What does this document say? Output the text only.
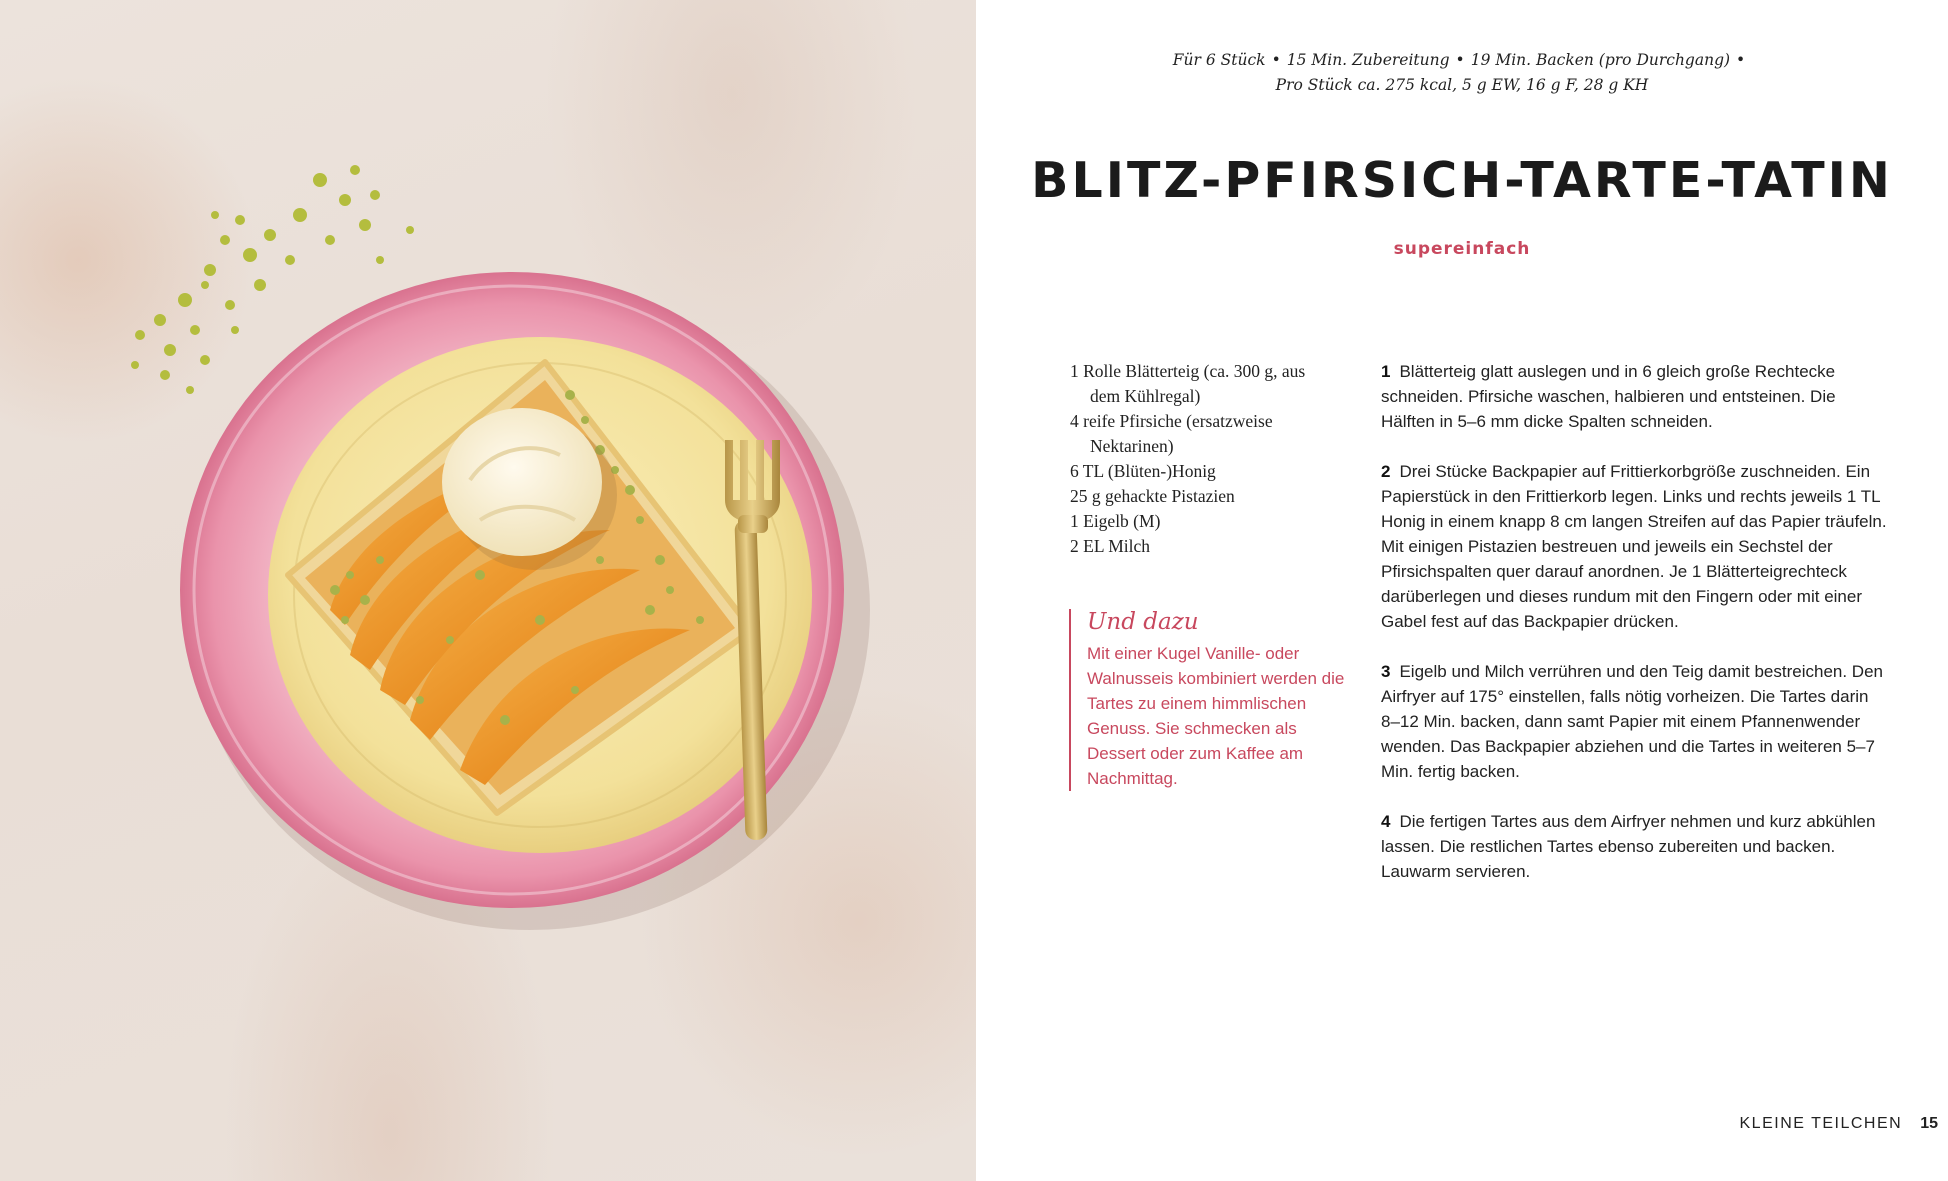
Für 6 Stück • 15 Min. Zubereitung • 19 Min. Backen (pro Durchgang) •
Pro Stück ca. 275 kcal, 5 g EW, 16 g F, 28 g KH
BLITZ-PFIRSICH-TARTE-TATIN
supereinfach
1 Rolle Blätterteig (ca. 300 g, aus dem Kühlregal)
4 reife Pfirsiche (ersatzweise Nektarinen)
6 TL (Blüten-)Honig
25 g gehackte Pistazien
1 Eigelb (M)
2 EL Milch

Und dazu

Mit einer Kugel Vanille- oder Walnusseis kombiniert werden die Tartes zu einem himmlischen Genuss. Sie schmecken als Dessert oder zum Kaffee am Nachmittag.

1 Blätterteig glatt auslegen und in 6 gleich große Rechtecke schneiden. Pfirsiche waschen, halbieren und entsteinen. Die Hälften in 5–6 mm dicke Spalten schneiden.

2 Drei Stücke Backpapier auf Frittierkorbgröße zuschneiden. Ein Papierstück in den Frittierkorb legen. Links und rechts jeweils 1 TL Honig in einem knapp 8 cm langen Streifen auf das Papier träufeln. Mit einigen Pistazien bestreuen und jeweils ein Sechstel der Pfirsichspalten quer darauf anordnen. Je 1 Blätterteigrechteck darüberlegen und dieses rundum mit den Fingern oder mit einer Gabel fest auf das Backpapier drücken.

3 Eigelb und Milch verrühren und den Teig damit bestreichen. Den Airfryer auf 175° einstellen, falls nötig vorheizen. Die Tartes darin 8–12 Min. backen, dann samt Papier mit einem Pfannenwender wenden. Das Backpapier abziehen und die Tartes in weiteren 5–7 Min. fertig backen.

4 Die fertigen Tartes aus dem Airfryer nehmen und kurz abkühlen lassen. Die restlichen Tartes ebenso zubereiten und backen. Lauwarm servieren.

KLEINE TEILCHEN 15
